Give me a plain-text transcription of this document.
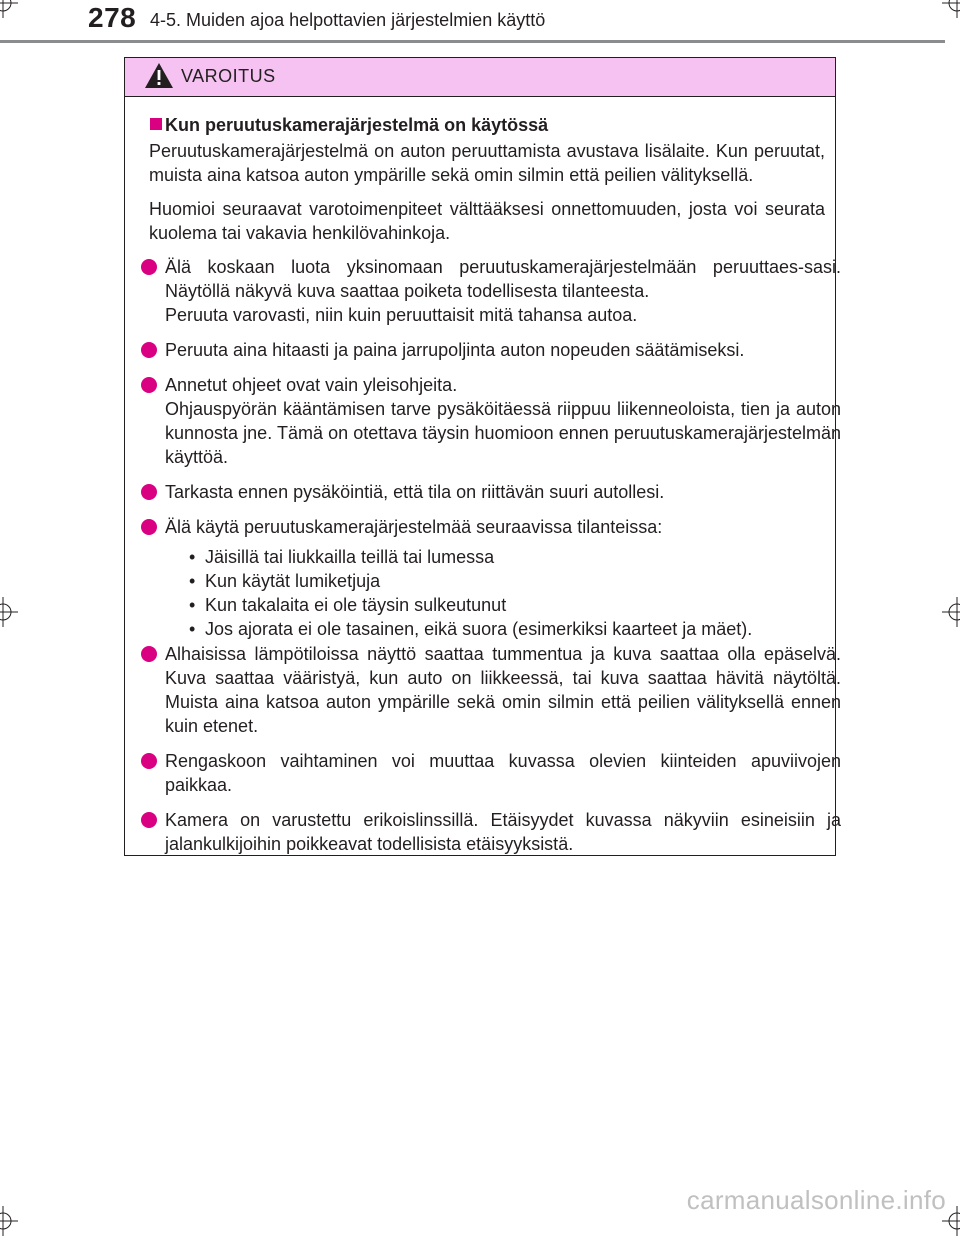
278 4-5. Muiden ajoa helpottavien järjestelmien käyttö
VAROITUS
Kun peruutuskamerajärjestelmä on käytössä

Peruutuskamerajärjestelmä on auton peruuttamista avustava lisälaite. Kun peruutat, muista aina katsoa auton ympärille sekä omin silmin että peilien välityksellä.

Huomioi seuraavat varotoimenpiteet välttääksesi onnettomuuden, josta voi seurata kuolema tai vakavia henkilövahinkoja.

Älä koskaan luota yksinomaan peruutuskamerajärjestelmään peruuttaes-sasi. Näytöllä näkyvä kuva saattaa poiketa todellisesta tilanteesta.
Peruuta varovasti, niin kuin peruuttaisit mitä tahansa autoa.
Peruuta aina hitaasti ja paina jarrupoljinta auton nopeuden säätämiseksi.
Annetut ohjeet ovat vain yleisohjeita.
Ohjauspyörän kääntämisen tarve pysäköitäessä riippuu liikenneoloista, tien ja auton kunnosta jne. Tämä on otettava täysin huomioon ennen peruutuskamerajärjestelmän käyttöä.
Tarkasta ennen pysäköintiä, että tila on riittävän suuri autollesi.
Älä käytä peruutuskamerajärjestelmää seuraavissa tilanteissa:
• Jäisillä tai liukkailla teillä tai lumessa
• Kun käytät lumiketjuja
• Kun takalaita ei ole täysin sulkeutunut
• Jos ajorata ei ole tasainen, eikä suora (esimerkiksi kaarteet ja mäet).
Alhaisissa lämpötiloissa näyttö saattaa tummentua ja kuva saattaa olla epäselvä. Kuva saattaa vääristyä, kun auto on liikkeessä, tai kuva saattaa hävitä näytöltä. Muista aina katsoa auton ympärille sekä omin silmin että peilien välityksellä ennen kuin etenet.
Rengaskoon vaihtaminen voi muuttaa kuvassa olevien kiinteiden apuviivojen paikkaa.
Kamera on varustettu erikoislinssillä. Etäisyydet kuvassa näkyviin esineisiin ja jalankulkijoihin poikkeavat todellisista etäisyyksistä.
carmanualsonline.info
